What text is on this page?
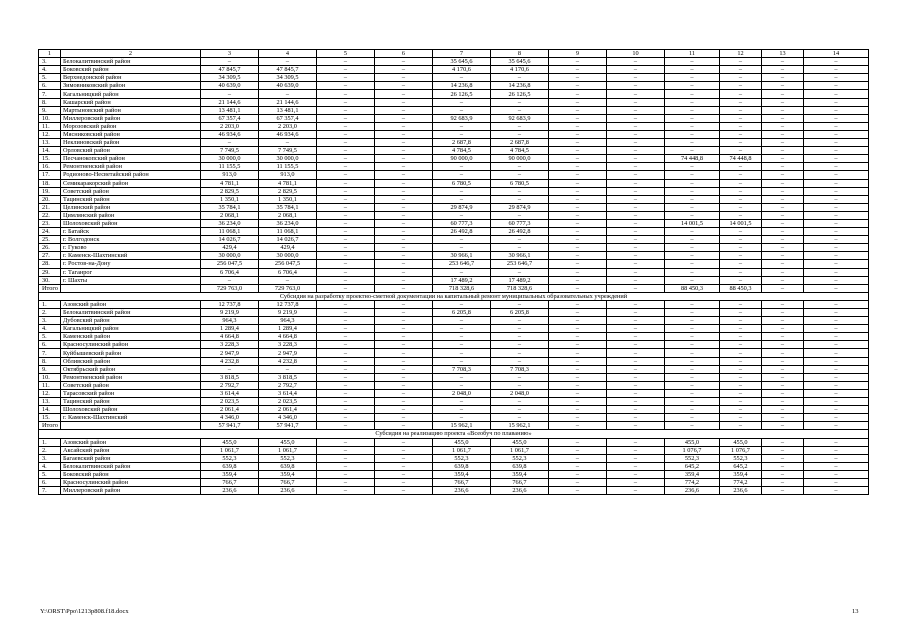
1	2	3	4	5	6	7	8	9	10	11	12	13	14
3.	Белокалитвинский район	–	–	–	–	35 645,6	35 645,6	–	–	–	–	–	–
4.	Боковский район	47 845,7	47 845,7	–	–	4 170,6	4 170,6	–	–	–	–	–	–
5.	Верхнедонской район	34 309,5	34 309,5	–	–	–	–	–	–	–	–	–	–
6.	Зимовниковский район	40 639,0	40 639,0	–	–	14 236,8	14 236,8	–	–	–	–	–	–
7.	Кагальницкий район	–	–	–	–	26 126,5	26 126,5	–	–	–	–	–	–
8.	Кашарский район	21 144,6	21 144,6	–	–	–	–	–	–	–	–	–	–
9.	Мартыновский район	13 481,1	13 481,1	–	–	–	–	–	–	–	–	–	–
10.	Миллеровский район	67 357,4	67 357,4	–	–	92 683,9	92 683,9	–	–	–	–	–	–
11.	Морозовский район	2 203,0	2 203,0	–	–	–	–	–	–	–	–	–	–
12.	Мясниковский район	46 934,6	46 934,6	–	–	–	–	–	–	–	–	–	–
13.	Неклиновский район	–	–	–	–	2 687,8	2 687,8	–	–	–	–	–	–
14.	Орловский район	7 749,5	7 749,5	–	–	4 784,5	4 784,5	–	–	–	–	–	–
15.	Песчанокопский район	30 000,0	30 000,0	–	–	90 000,0	90 000,0	–	–	74 448,8	74 448,8	–	–
16.	Ремонтненский район	11 155,5	11 155,5	–	–	–	–	–	–	–	–	–	–
17.	Родионово-Несветайский район	913,0	913,0	–	–	–	–	–	–	–	–	–	–
18.	Семикаракорский район	4 781,1	4 781,1	–	–	6 780,5	6 780,5	–	–	–	–	–	–
19.	Советский район	2 829,5	2 829,5	–	–	–	–	–	–	–	–	–	–
20.	Тацинский район	1 350,1	1 350,1	–	–	–	–	–	–	–	–	–	–
21.	Целинский район	35 784,1	35 784,1	–	–	29 874,9	29 874,9	–	–	–	–	–	–
22.	Цимлянский район	2 068,1	2 068,1	–	–	–	–	–	–	–	–	–	–
23.	Шолоховский район	36 234,0	36 234,0	–	–	60 777,3	60 777,3	–	–	14 001,5	14 001,5	–	–
24.	г. Батайск	11 068,1	11 068,1	–	–	26 492,8	26 492,8	–	–	–	–	–	–
25.	г. Волгодонск	14 026,7	14 026,7	–	–	–	–	–	–	–	–	–	–
26.	г. Гуково	429,4	429,4	–	–	–	–	–	–	–	–	–	–
27.	г. Каменск-Шахтинский	30 000,0	30 000,0	–	–	30 966,1	30 966,1	–	–	–	–	–	–
28.	г. Ростов-на-Дону	256 047,5	256 047,5	–	–	253 646,7	253 646,7	–	–	–	–	–	–
29.	г. Таганрог	6 706,4	6 706,4	–	–	–	–	–	–	–	–	–	–
30.	г. Шахты	–	–	–	–	17 489,2	17 489,2	–	–	–	–	–	–
Итого		729 763,0	729 763,0	–	–	718 328,6	718 328,6	–	–	88 450,3	88 450,3	–	–
Субсидия на разработку проектно-сметной документации на капитальный ремонт муниципальных образовательных учреждений													
1.	Азовский район	12 737,8	12 737,8	–	–	–	–	–	–	–	–	–	–
2.	Белокалитвинский район	9 219,9	9 219,9	–	–	6 205,8	6 205,8	–	–	–	–	–	–
3.	Дубовский район	964,3	964,3	–	–	–	–	–	–	–	–	–	–
4.	Кагальницкий район	1 289,4	1 289,4	–	–	–	–	–	–	–	–	–	–
5.	Каменский район	4 664,8	4 664,8	–	–	–	–	–	–	–	–	–	–
6.	Красносулинский район	3 228,3	3 228,3	–	–	–	–	–	–	–	–	–	–
7.	Куйбышевский район	2 947,9	2 947,9	–	–	–	–	–	–	–	–	–	–
8.	Обливский район	4 232,8	4 232,8	–	–	–	–	–	–	–	–	–	–
9.	Октябрьский район	–	–	–	–	7 708,3	7 708,3	–	–	–	–	–	–
10.	Ремонтненский район	3 818,5	3 818,5	–	–	–	–	–	–	–	–	–	–
11.	Советский район	2 792,7	2 792,7	–	–	–	–	–	–	–	–	–	–
12.	Тарасовский район	3 614,4	3 614,4	–	–	2 048,0	2 048,0	–	–	–	–	–	–
13.	Тацинский район	2 023,5	2 023,5	–	–	–	–	–	–	–	–	–	–
14.	Шолоховский район	2 061,4	2 061,4	–	–	–	–	–	–	–	–	–	–
15.	г. Каменск-Шахтинский	4 346,0	4 346,0	–	–	–	–	–	–	–	–	–	–
Итого		57 941,7	57 941,7	–	–	15 962,1	15 962,1	–	–	–	–	–	–
Субсидия на реализацию проекта «Всеобуч по плаванию»													
1.	Азовский район	455,0	455,0	–	–	455,0	455,0	–	–	455,0	455,0	–	–
2.	Аксайский район	1 061,7	1 061,7	–	–	1 061,7	1 061,7	–	–	1 076,7	1 076,7	–	–
3.	Багаевский район	552,3	552,3	–	–	552,3	552,3	–	–	552,3	552,3	–	–
4.	Белокалитвинский район	639,8	639,8	–	–	639,8	639,8	–	–	645,2	645,2	–	–
5.	Боковский район	359,4	359,4	–	–	359,4	359,4	–	–	359,4	359,4	–	–
6.	Красносулинский район	766,7	766,7	–	–	766,7	766,7	–	–	774,2	774,2	–	–
7.	Миллеровский район	236,6	236,6	–	–	236,6	236,6	–	–	236,6	236,6	–	–
Y:\ORST\Ppo\1213p808.f18.docx	13
